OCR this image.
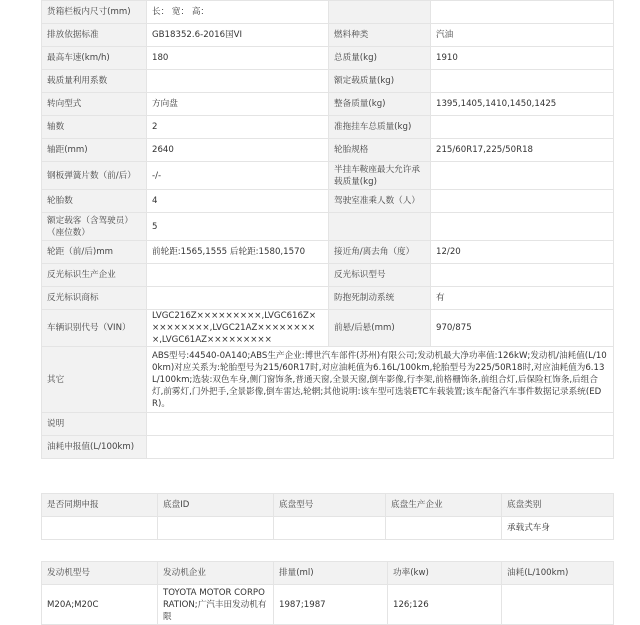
货箱栏板内尺寸(mm)	长： 宽： 高：		
排放依据标准	GB18352.6-2016国VI	燃料种类	汽油
最高车速(km/h)	180	总质量(kg)	1910
载质量利用系数		额定载质量(kg)	
转向型式	方向盘	整备质量(kg)	1395,1405,1410,1450,1425
轴数	2	准拖挂车总质量(kg)	
轴距(mm)	2640	轮胎规格	215/60R17,225/50R18
钢板弹簧片数（前/后）	-/-	半挂车鞍座最大允许承载质量(kg)	
轮胎数	4	驾驶室准乘人数（人）	
额定载客（含驾驶员）（座位数）	5		
轮距（前/后)mm	前轮距:1565,1555 后轮距:1580,1570	接近角/离去角（度）	12/20
反光标识生产企业		反光标识型号	
反光标识商标		防抱死制动系统	有
车辆识别代号（VIN）	LVGC216Z×××××××××,LVGC616Z×××××××××,LVGC21AZ×××××××××,LVGC61AZ×××××××××	前悬/后悬(mm)	970/875
其它	ABS型号:44540-0A140;ABS生产企业:博世汽车部件(苏州)有限公司;发动机最大净功率值:126kW;发动机/油耗值(L/100km)对应关系为:轮胎型号为215/60R17时,对应油耗值为6.16L/100km,轮胎型号为225/50R18时,对应油耗值为6.13L/100km;选装:双色车身,侧门窗饰条,普通天窗,全景天窗,倒车影像,行李架,前格栅饰条,前组合灯,后保险杠饰条,后组合灯,前雾灯,门外把手,全景影像,倒车雷达,轮辋;其他说明:该车型可选装ETC车载装置;该车配备汽车事件数据记录系统(EDR)。		
说明			
油耗申报值(L/100km)			
是否同期申报	底盘ID	底盘型号	底盘生产企业	底盘类别
				承载式车身
发动机型号	发动机企业	排量(ml)	功率(kw)	油耗(L/100km)
M20A;M20C	TOYOTA MOTOR CORPORATION;广汽丰田发动机有限	1987;1987	126;126	
